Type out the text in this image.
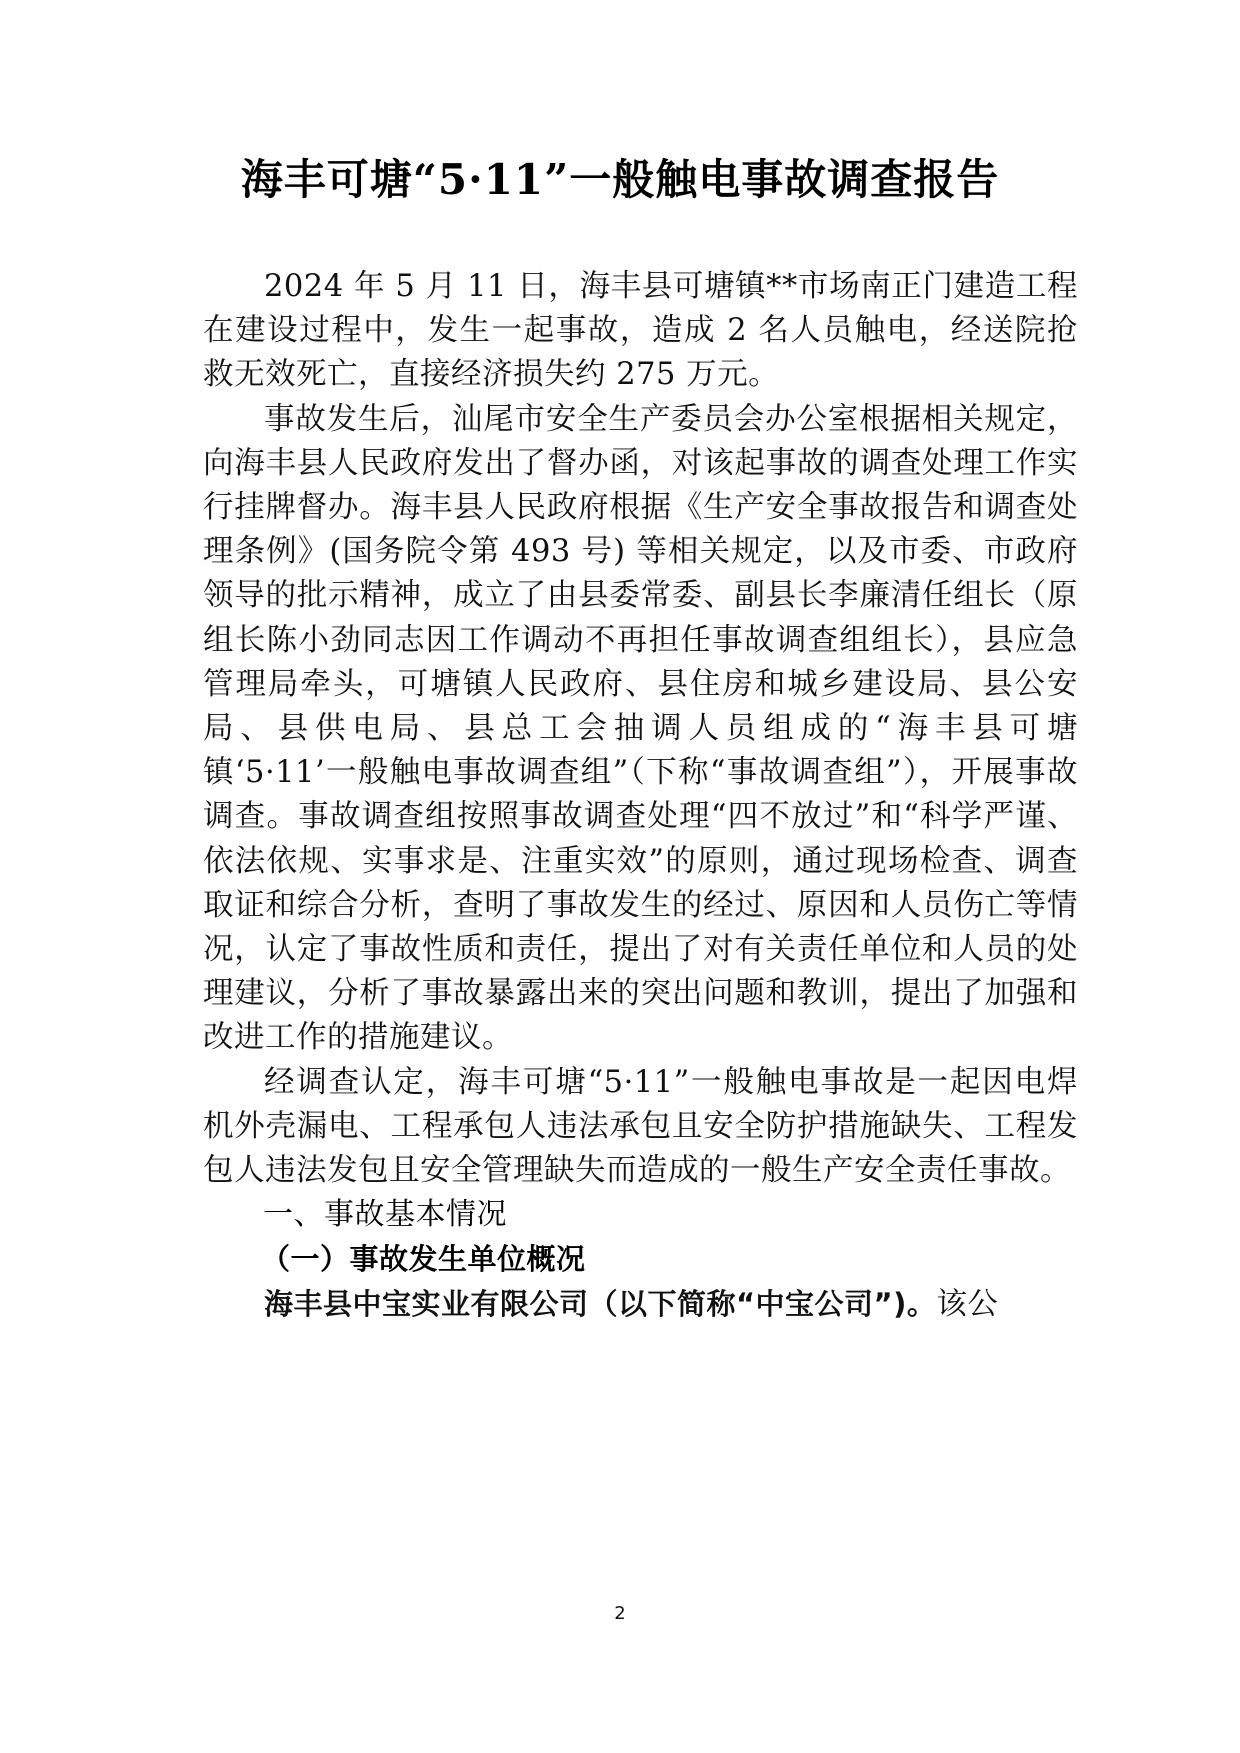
海丰可塘“5·11”一般触电事故调查报告

2024 年 5 月 11 日，海丰县可塘镇**市场南正门建造工程在建设过程中，发生一起事故，造成 2 名人员触电，经送院抢救无效死亡，直接经济损失约 275 万元。

事故发生后，汕尾市安全生产委员会办公室根据相关规定，向海丰县人民政府发出了督办函，对该起事故的调查处理工作实行挂牌督办。海丰县人民政府根据《生产安全事故报告和调查处理条例》(国务院令第 493 号) 等相关规定，以及市委、市政府领导的批示精神，成立了由县委常委、副县长李廉清任组长（原组长陈小劲同志因工作调动不再担任事故调查组组长），县应急管理局牵头，可塘镇人民政府、县住房和城乡建设局、县公安局、县供电局、县总工会抽调人员组成的“海丰县可塘镇‘5·11’一般触电事故调查组”（下称“事故调查组”），开展事故调查。事故调查组按照事故调查处理“四不放过”和“科学严谨、依法依规、实事求是、注重实效”的原则，通过现场检查、调查取证和综合分析，查明了事故发生的经过、原因和人员伤亡等情况，认定了事故性质和责任，提出了对有关责任单位和人员的处理建议，分析了事故暴露出来的突出问题和教训，提出了加强和改进工作的措施建议。

经调查认定，海丰可塘“5·11”一般触电事故是一起因电焊机外壳漏电、工程承包人违法承包且安全防护措施缺失、工程发包人违法发包且安全管理缺失而造成的一般生产安全责任事故。

一、事故基本情况

（一）事故发生单位概况

海丰县中宝实业有限公司（以下简称“中宝公司”)。该公

2
